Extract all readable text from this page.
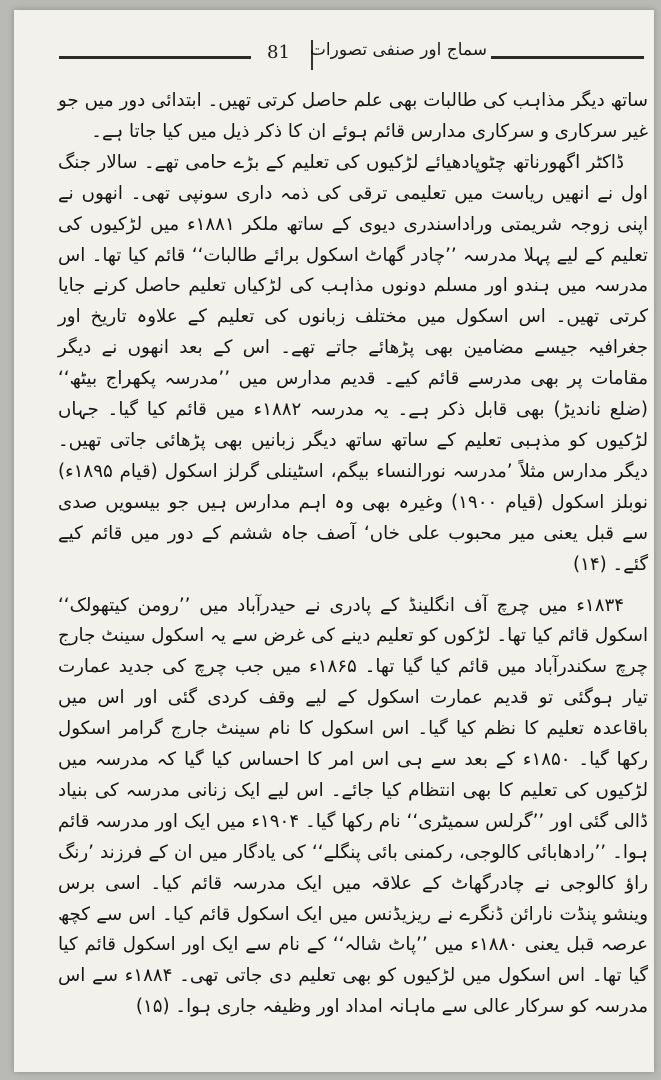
81 سماج اور صنفی تصورات

ساتھ دیگر مذاہب کی طالبات بھی علم حاصل کرتی تھیں۔ ابتدائی دور میں جو غیر سرکاری و سرکاری مدارس قائم ہوئے ان کا ذکر ذیل میں کیا جاتا ہے۔

ڈاکٹر اگھورناتھ چٹوپادھیائے لڑکیوں کی تعلیم کے بڑے حامی تھے۔ سالار جنگ اول نے انھیں ریاست میں تعلیمی ترقی کی ذمہ داری سونپی تھی۔ انھوں نے اپنی زوجہ شریمتی وراداسندری دیوی کے ساتھ ملکر ۱۸۸۱ء میں لڑکیوں کی تعلیم کے لیے پہلا مدرسہ ’’چادر گھاٹ اسکول برائے طالبات‘‘ قائم کیا تھا۔ اس مدرسہ میں ہندو اور مسلم دونوں مذاہب کی لڑکیاں تعلیم حاصل کرنے جایا کرتی تھیں۔ اس اسکول میں مختلف زبانوں کی تعلیم کے علاوہ تاریخ اور جغرافیہ جیسے مضامین بھی پڑھائے جاتے تھے۔ اس کے بعد انھوں نے دیگر مقامات پر بھی مدرسے قائم کیے۔ قدیم مدارس میں ’’مدرسہ پکھراج بیٹھ‘‘ (ضلع ناندیڑ) بھی قابل ذکر ہے۔ یہ مدرسہ ۱۸۸۲ء میں قائم کیا گیا۔ جہاں لڑکیوں کو مذہبی تعلیم کے ساتھ ساتھ دیگر زبانیں بھی پڑھائی جاتی تھیں۔ دیگر مدارس مثلاً ’مدرسہ نورالنساء بیگم، اسٹینلی گرلز اسکول (قیام ۱۸۹۵ء) نوبلز اسکول (قیام ۱۹۰۰) وغیرہ بھی وہ اہم مدارس ہیں جو بیسویں صدی سے قبل یعنی میر محبوب علی خاں‘ آصف جاہ ششم کے دور میں قائم کیے گئے۔ (۱۴)

۱۸۳۴ء میں چرچ آف انگلینڈ کے پادری نے حیدرآباد میں ’’رومن کیتھولک‘‘ اسکول قائم کیا تھا۔ لڑکوں کو تعلیم دینے کی غرض سے یہ اسکول سینٹ جارج چرچ سکندرآباد میں قائم کیا گیا تھا۔ ۱۸۶۵ء میں جب چرچ کی جدید عمارت تیار ہوگئی تو قدیم عمارت اسکول کے لیے وقف کردی گئی اور اس میں باقاعدہ تعلیم کا نظم کیا گیا۔ اس اسکول کا نام سینٹ جارج گرامر اسکول رکھا گیا۔ ۱۸۵۰ء کے بعد سے ہی اس امر کا احساس کیا گیا کہ مدرسہ میں لڑکیوں کی تعلیم کا بھی انتظام کیا جائے۔ اس لیے ایک زنانی مدرسہ کی بنیاد ڈالی گئی اور ’’گرلس سمیٹری‘‘ نام رکھا گیا۔ ۱۹۰۴ء میں ایک اور مدرسہ قائم ہوا۔ ’’رادھابائی کالوجی، رکمنی بائی پنگلے‘‘ کی یادگار میں ان کے فرزند ’رنگ راؤ کالوجی نے چادرگھاٹ کے علاقہ میں ایک مدرسہ قائم کیا۔ اسی برس وینشو پنڈت نارائن ڈنگرے نے ریزیڈنس میں ایک اسکول قائم کیا۔ اس سے کچھ عرصہ قبل یعنی ۱۸۸۰ء میں ’’پاٹ شالہ‘‘ کے نام سے ایک اور اسکول قائم کیا گیا تھا۔ اس اسکول میں لڑکیوں کو بھی تعلیم دی جاتی تھی۔ ۱۸۸۴ء سے اس مدرسہ کو سرکار عالی سے ماہانہ امداد اور وظیفہ جاری ہوا۔ (۱۵)
